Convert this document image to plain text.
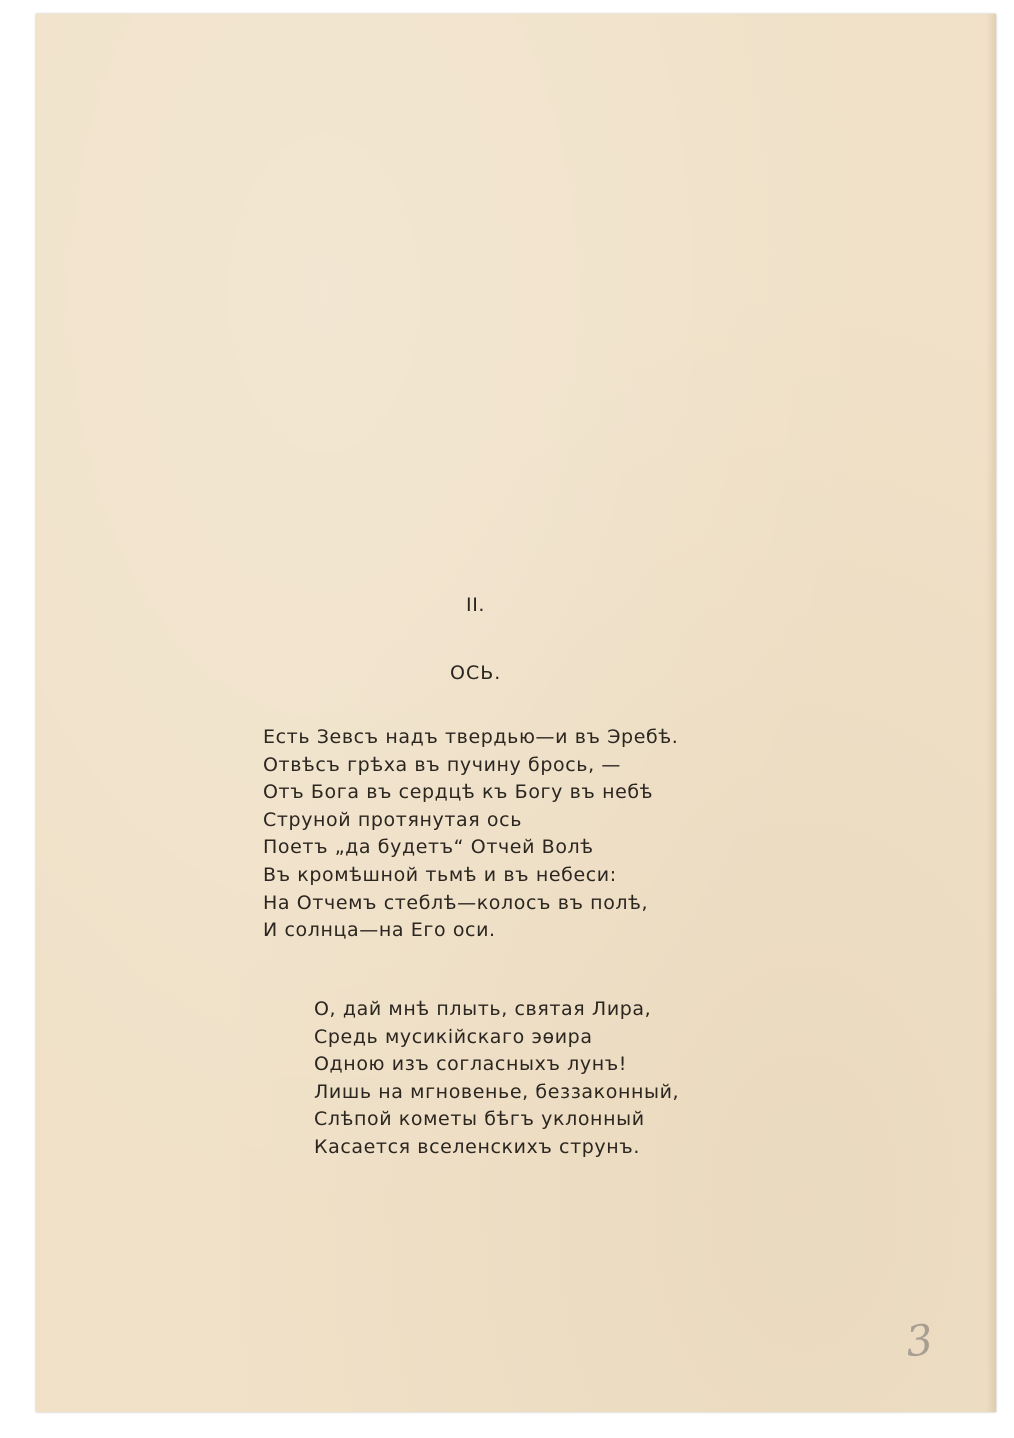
II.
ОСЬ.
Есть Зевсъ надъ твердью—и въ Эребѣ.
Отвѣсъ грѣха въ пучину брось, —
Отъ Бога въ сердцѣ къ Богу въ небѣ
Струной протянутая ось
Поетъ „да будетъ“ Отчей Волѣ
Въ кромѣшной тьмѣ и въ небеси:
На Отчемъ стеблѣ—колосъ въ полѣ,
И солнца—на Его оси.
О, дай мнѣ плыть, святая Лира,
Средь мусикійскаго эѳира
Одною изъ согласныхъ лунъ!
Лишь на мгновенье, беззаконный,
Слѣпой кометы бѣгъ уклонный
Касается вселенскихъ струнъ.
3
